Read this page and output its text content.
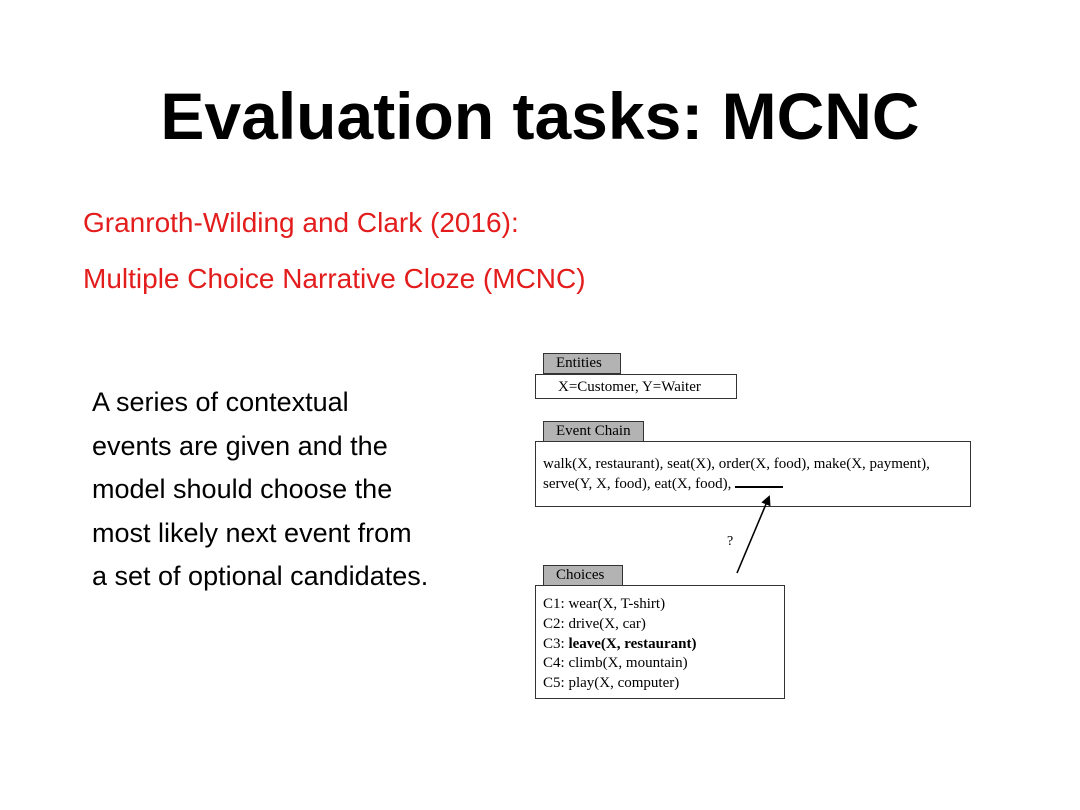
Evaluation tasks: MCNC
Granroth-Wilding and Clark (2016):
Multiple Choice Narrative Cloze (MCNC)
A series of contextual
events are given and the
model should choose the
most likely next event from
a set of optional candidates.
Entities
X=Customer, Y=Waiter
Event Chain
walk(X, restaurant), seat(X), order(X, food), make(X, payment),
serve(Y, X, food), eat(X, food),
?
Choices
C1: wear(X, T-shirt)
C2: drive(X, car)
C3: leave(X, restaurant)
C4: climb(X, mountain)
C5: play(X, computer)
